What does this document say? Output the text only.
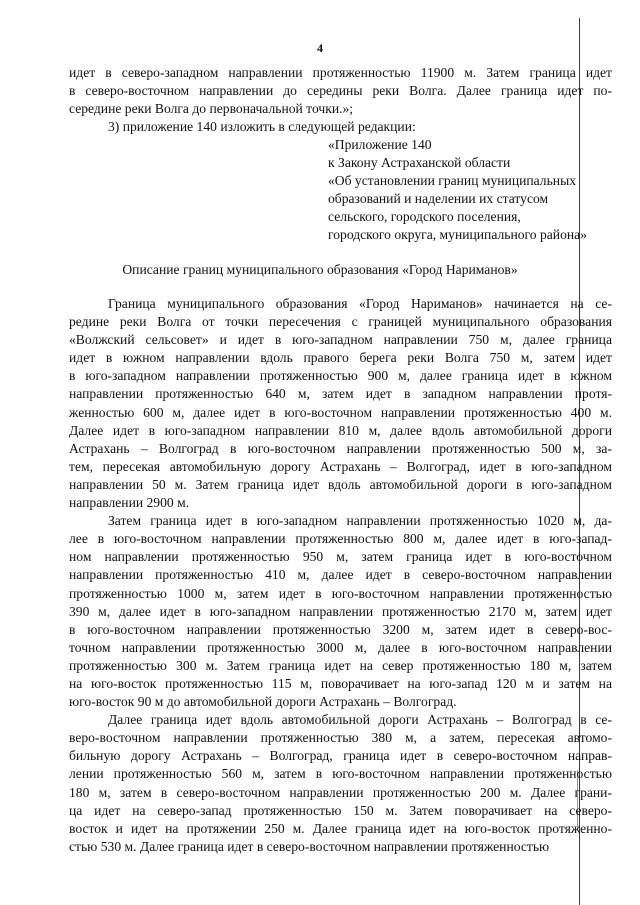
4
идет в северо-западном направлении протяженностью 11900 м. Затем граница идет
в северо-восточном направлении до середины реки Волга. Далее граница идет по-
середине реки Волга до первоначальной точки.»;
3) приложение 140 изложить в следующей редакции:
«Приложение 140
к Закону Астраханской области
«Об установлении границ муниципальных
образований и наделении их статусом
сельского, городского поселения,
городского округа, муниципального района»
Описание границ муниципального образования «Город Нариманов»

Граница муниципального образования «Город Нариманов» начинается на се-
редине реки Волга от точки пересечения с границей муниципального образования
«Волжский сельсовет» и идет в юго-западном направлении 750 м, далее граница
идет в южном направлении вдоль правого берега реки Волга 750 м, затем идет
в юго-западном направлении протяженностью 900 м, далее граница идет в южном
направлении протяженностью 640 м, затем идет в западном направлении протя-
женностью 600 м, далее идет в юго-восточном направлении протяженностью 400 м.
Далее идет в юго-западном направлении 810 м, далее вдоль автомобильной дороги
Астрахань – Волгоград в юго-восточном направлении протяженностью 500 м, за-
тем, пересекая автомобильную дорогу Астрахань – Волгоград, идет в юго-западном
направлении 50 м. Затем граница идет вдоль автомобильной дороги в юго-западном
направлении 2900 м.

Затем граница идет в юго-западном направлении протяженностью 1020 м, да-
лее в юго-восточном направлении протяженностью 800 м, далее идет в юго-запад-
ном направлении протяженностью 950 м, затем граница идет в юго-восточном
направлении протяженностью 410 м, далее идет в северо-восточном направлении
протяженностью 1000 м, затем идет в юго-восточном направлении протяженностью
390 м, далее идет в юго-западном направлении протяженностью 2170 м, затем идет
в юго-восточном направлении протяженностью 3200 м, затем идет в северо-вос-
точном направлении протяженностью 3000 м, далее в юго-восточном направлении
протяженностью 300 м. Затем граница идет на север протяженностью 180 м, затем
на юго-восток протяженностью 115 м, поворачивает на юго-запад 120 м и затем на
юго-восток 90 м до автомобильной дороги Астрахань – Волгоград.

Далее граница идет вдоль автомобильной дороги Астрахань – Волгоград в се-
веро-восточном направлении протяженностью 380 м, а затем, пересекая автомо-
бильную дорогу Астрахань – Волгоград, граница идет в северо-восточном направ-
лении протяженностью 560 м, затем в юго-восточном направлении протяженностью
180 м, затем в северо-восточном направлении протяженностью 200 м. Далее грани-
ца идет на северо-запад протяженностью 150 м. Затем поворачивает на северо-
восток и идет на протяжении 250 м. Далее граница идет на юго-восток протяженно-
стью 530 м. Далее граница идет в северо-восточном направлении протяженностью
